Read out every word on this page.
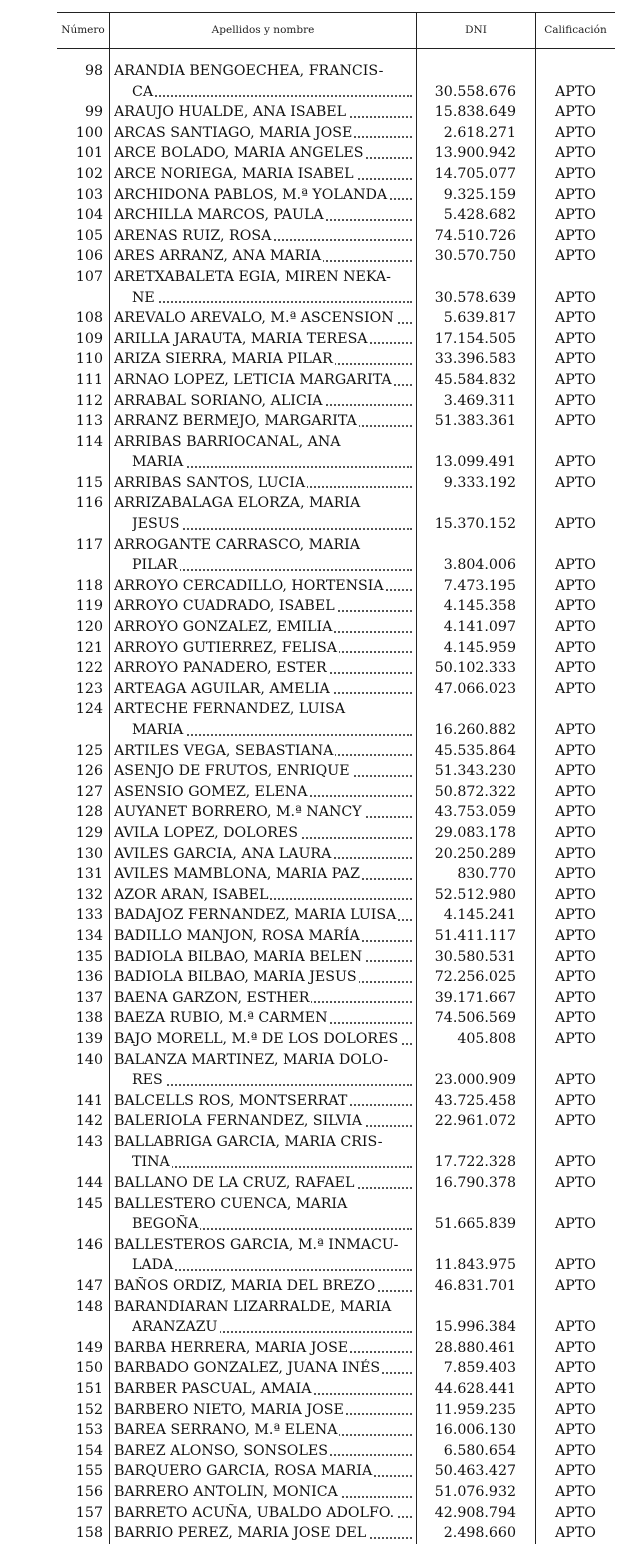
Número	Apellidos y nombre	DNI	Calificación
98 ARANDIA BENGOECHEA, FRANCIS-
CA	30.558.676	APTO
99 ARAUJO HUALDE, ANA ISABEL	15.838.649	APTO
100 ARCAS SANTIAGO, MARIA JOSE	2.618.271	APTO
101 ARCE BOLADO, MARIA ANGELES	13.900.942	APTO
102 ARCE NORIEGA, MARIA ISABEL	14.705.077	APTO
103 ARCHIDONA PABLOS, M.ª YOLANDA	9.325.159	APTO
104 ARCHILLA MARCOS, PAULA	5.428.682	APTO
105 ARENAS RUIZ, ROSA	74.510.726	APTO
106 ARES ARRANZ, ANA MARIA	30.570.750	APTO
107 ARETXABALETA EGIA, MIREN NEKA-
NE	30.578.639	APTO
108 AREVALO AREVALO, M.ª ASCENSION	5.639.817	APTO
109 ARILLA JARAUTA, MARIA TERESA	17.154.505	APTO
110 ARIZA SIERRA, MARIA PILAR	33.396.583	APTO
111 ARNAO LOPEZ, LETICIA MARGARITA	45.584.832	APTO
112 ARRABAL SORIANO, ALICIA	3.469.311	APTO
113 ARRANZ BERMEJO, MARGARITA	51.383.361	APTO
114 ARRIBAS BARRIOCANAL, ANA
MARIA	13.099.491	APTO
115 ARRIBAS SANTOS, LUCIA	9.333.192	APTO
116 ARRIZABALAGA ELORZA, MARIA
JESUS	15.370.152	APTO
117 ARROGANTE CARRASCO, MARIA
PILAR	3.804.006	APTO
118 ARROYO CERCADILLO, HORTENSIA	7.473.195	APTO
119 ARROYO CUADRADO, ISABEL	4.145.358	APTO
120 ARROYO GONZALEZ, EMILIA	4.141.097	APTO
121 ARROYO GUTIERREZ, FELISA	4.145.959	APTO
122 ARROYO PANADERO, ESTER	50.102.333	APTO
123 ARTEAGA AGUILAR, AMELIA	47.066.023	APTO
124 ARTECHE FERNANDEZ, LUISA
MARIA	16.260.882	APTO
125 ARTILES VEGA, SEBASTIANA	45.535.864	APTO
126 ASENJO DE FRUTOS, ENRIQUE	51.343.230	APTO
127 ASENSIO GOMEZ, ELENA	50.872.322	APTO
128 AUYANET BORRERO, M.ª NANCY	43.753.059	APTO
129 AVILA LOPEZ, DOLORES	29.083.178	APTO
130 AVILES GARCIA, ANA LAURA	20.250.289	APTO
131 AVILES MAMBLONA, MARIA PAZ	830.770	APTO
132 AZOR ARAN, ISABEL	52.512.980	APTO
133 BADAJOZ FERNANDEZ, MARIA LUISA	4.145.241	APTO
134 BADILLO MANJON, ROSA MARÍA	51.411.117	APTO
135 BADIOLA BILBAO, MARIA BELEN	30.580.531	APTO
136 BADIOLA BILBAO, MARIA JESUS	72.256.025	APTO
137 BAENA GARZON, ESTHER	39.171.667	APTO
138 BAEZA RUBIO, M.ª CARMEN	74.506.569	APTO
139 BAJO MORELL, M.ª DE LOS DOLORES	405.808	APTO
140 BALANZA MARTINEZ, MARIA DOLO-
RES	23.000.909	APTO
141 BALCELLS ROS, MONTSERRAT	43.725.458	APTO
142 BALERIOLA FERNANDEZ, SILVIA	22.961.072	APTO
143 BALLABRIGA GARCIA, MARIA CRIS-
TINA	17.722.328	APTO
144 BALLANO DE LA CRUZ, RAFAEL	16.790.378	APTO
145 BALLESTERO CUENCA, MARIA
BEGOÑA	51.665.839	APTO
146 BALLESTEROS GARCIA, M.ª INMACU-
LADA	11.843.975	APTO
147 BAÑOS ORDIZ, MARIA DEL BREZO	46.831.701	APTO
148 BARANDIARAN LIZARRALDE, MARIA
ARANZAZU	15.996.384	APTO
149 BARBA HERRERA, MARIA JOSE	28.880.461	APTO
150 BARBADO GONZALEZ, JUANA INÉS	7.859.403	APTO
151 BARBER PASCUAL, AMAIA	44.628.441	APTO
152 BARBERO NIETO, MARIA JOSE	11.959.235	APTO
153 BAREA SERRANO, M.ª ELENA	16.006.130	APTO
154 BAREZ ALONSO, SONSOLES	6.580.654	APTO
155 BARQUERO GARCIA, ROSA MARIA	50.463.427	APTO
156 BARRERO ANTOLIN, MONICA	51.076.932	APTO
157 BARRETO ACUÑA, UBALDO ADOLFO.	42.908.794	APTO
158 BARRIO PEREZ, MARIA JOSE DEL	2.498.660	APTO
